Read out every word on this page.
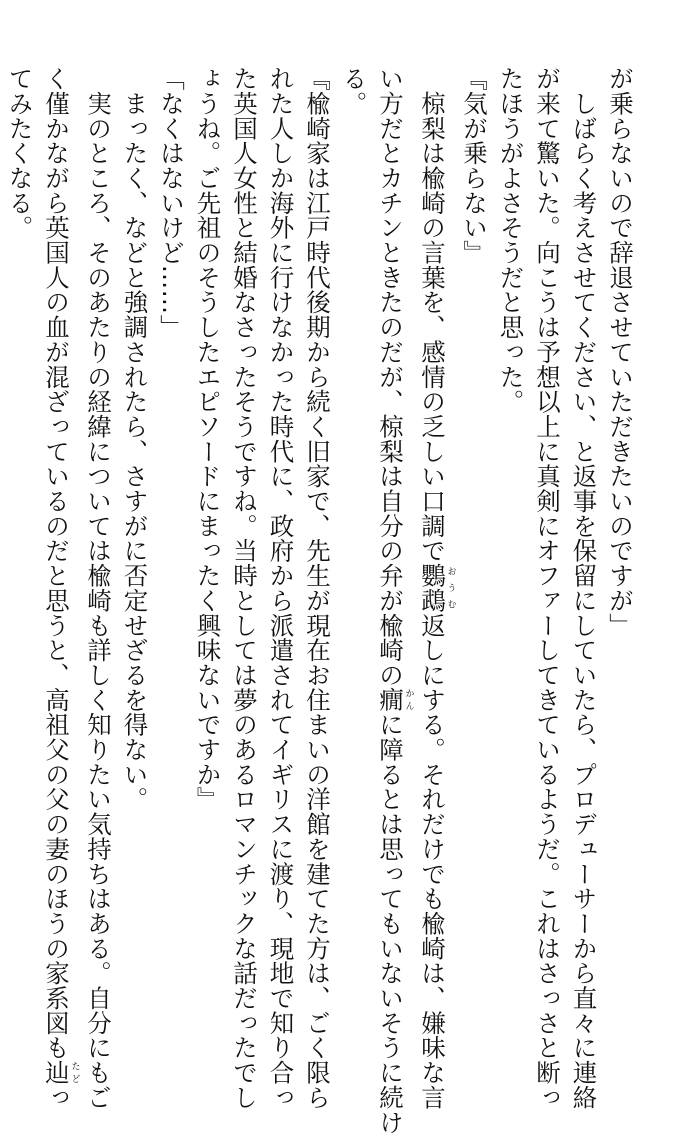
が乗らないので辞退させていただきたいのですが」
　しばらく考えさせてください、と返事を保留にしていたら、プロデューサーから直々に連絡
が来て驚いた。向こうは予想以上に真剣にオファーしてきているようだ。これはさっさと断っ
たほうがよさそうだと思った。
『気が乗らない』
　椋梨は楡崎の言葉を、感情の乏しい口調で鸚鵡おうむ返しにする。それだけでも楡崎は、嫌味な言
い方だとカチンときたのだが、椋梨は自分の弁が楡崎の癇かんに障るとは思ってもいないそうに続け
る。
『楡崎家は江戸時代後期から続く旧家で、先生が現在お住まいの洋館を建てた方は、ごく限ら
れた人しか海外に行けなかった時代に、政府から派遣されてイギリスに渡り、現地で知り合っ
た英国人女性と結婚なさったそうですね。当時としては夢のあるロマンチックな話だったでし
ょうね。ご先祖のそうしたエピソードにまったく興味ないですか』
「なくはないけど……」
　まったく、などと強調されたら、さすがに否定せざるを得ない。
　実のところ、そのあたりの経緯については楡崎も詳しく知りたい気持ちはある。自分にもご
く僅かながら英国人の血が混ざっているのだと思うと、高祖父の父の妻のほうの家系図も辿たどっ
てみたくなる。
